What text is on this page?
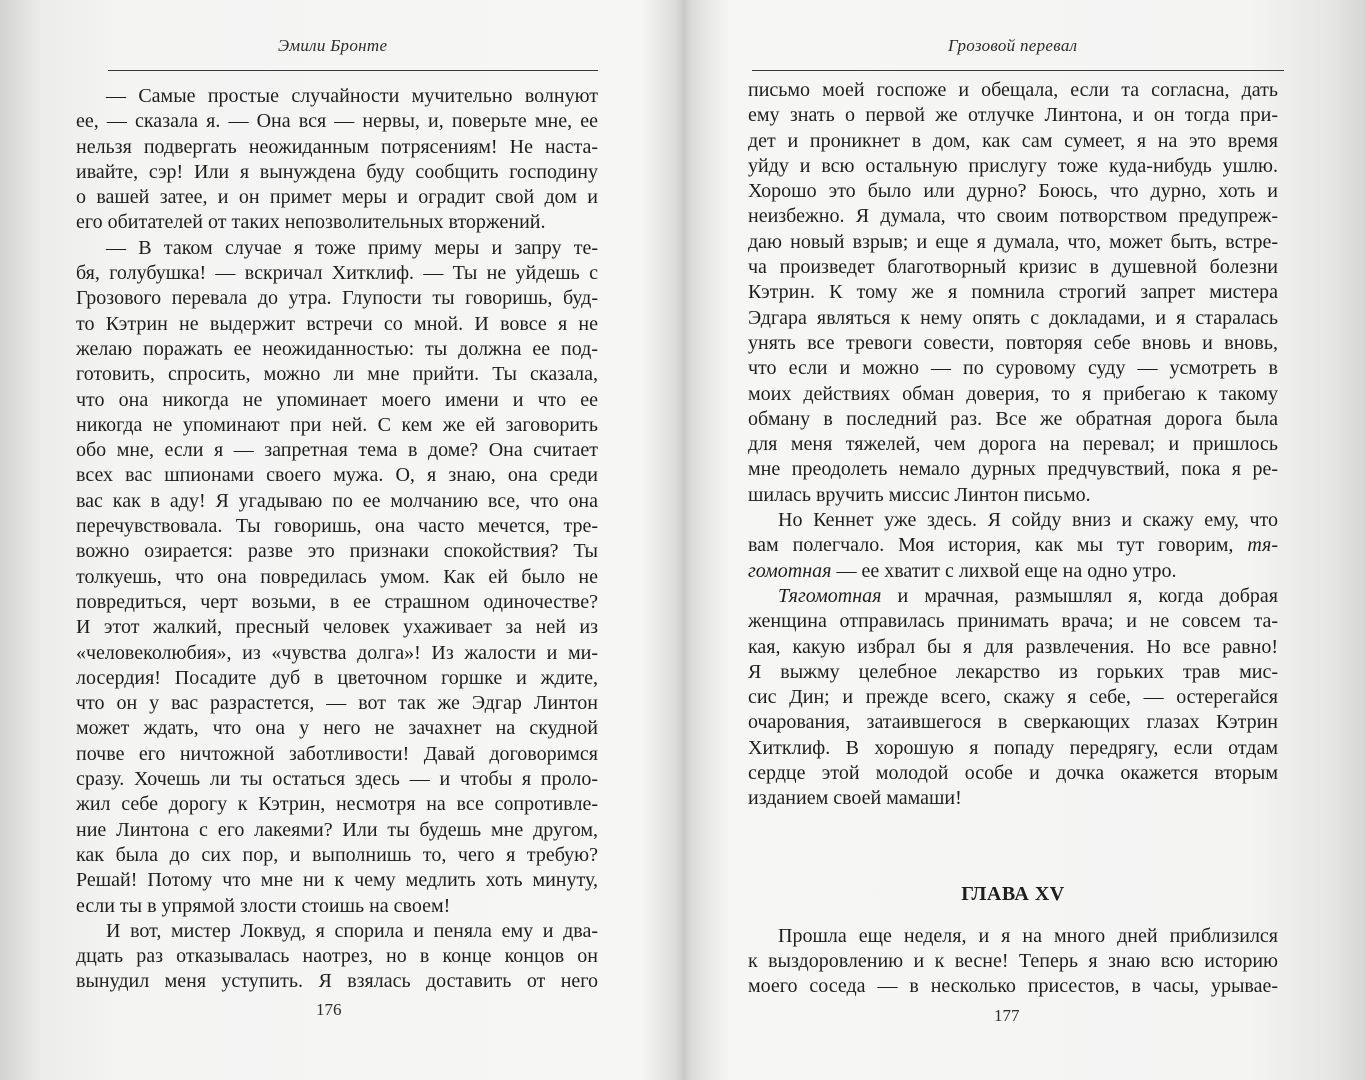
Эмили Бронте
— Самые простые случайности мучительно волнуют
ее, — сказала я. — Она вся — нервы, и, поверьте мне, ее
нельзя подвергать неожиданным потрясениям! Не наста-
ивайте, сэр! Или я вынуждена буду сообщить господину
о вашей затее, и он примет меры и оградит свой дом и
его обитателей от таких непозволительных вторжений.
— В таком случае я тоже приму меры и запру те-
бя, голубушка! — вскричал Хитклиф. — Ты не уйдешь с
Грозового перевала до утра. Глупости ты говоришь, буд-
то Кэтрин не выдержит встречи со мной. И вовсе я не
желаю поражать ее неожиданностью: ты должна ее под-
готовить, спросить, можно ли мне прийти. Ты сказала,
что она никогда не упоминает моего имени и что ее
никогда не упоминают при ней. С кем же ей заговорить
обо мне, если я — запретная тема в доме? Она считает
всех вас шпионами своего мужа. О, я знаю, она среди
вас как в аду! Я угадываю по ее молчанию все, что она
перечувствовала. Ты говоришь, она часто мечется, тре-
вожно озирается: разве это признаки спокойствия? Ты
толкуешь, что она повредилась умом. Как ей было не
повредиться, черт возьми, в ее страшном одиночестве?
И этот жалкий, пресный человек ухаживает за ней из
«человеколюбия», из «чувства долга»! Из жалости и ми-
лосердия! Посадите дуб в цветочном горшке и ждите,
что он у вас разрастется, — вот так же Эдгар Линтон
может ждать, что она у него не зачахнет на скудной
почве его ничтожной заботливости! Давай договоримся
сразу. Хочешь ли ты остаться здесь — и чтобы я проло-
жил себе дорогу к Кэтрин, несмотря на все сопротивле-
ние Линтона с его лакеями? Или ты будешь мне другом,
как была до сих пор, и выполнишь то, чего я требую?
Решай! Потому что мне ни к чему медлить хоть минуту,
если ты в упрямой злости стоишь на своем!
И вот, мистер Локвуд, я спорила и пеняла ему и два-
дцать раз отказывалась наотрез, но в конце концов он
вынудил меня уступить. Я взялась доставить от него
176
Грозовой перевал
письмо моей госпоже и обещала, если та согласна, дать
ему знать о первой же отлучке Линтона, и он тогда при-
дет и проникнет в дом, как сам сумеет, я на это время
уйду и всю остальную прислугу тоже куда-нибудь ушлю.
Хорошо это было или дурно? Боюсь, что дурно, хоть и
неизбежно. Я думала, что своим потворством предупреж-
даю новый взрыв; и еще я думала, что, может быть, встре-
ча произведет благотворный кризис в душевной болезни
Кэтрин. К тому же я помнила строгий запрет мистера
Эдгара являться к нему опять с докладами, и я старалась
унять все тревоги совести, повторяя себе вновь и вновь,
что если и можно — по суровому суду — усмотреть в
моих действиях обман доверия, то я прибегаю к такому
обману в последний раз. Все же обратная дорога была
для меня тяжелей, чем дорога на перевал; и пришлось
мне преодолеть немало дурных предчувствий, пока я ре-
шилась вручить миссис Линтон письмо.
Но Кеннет уже здесь. Я сойду вниз и скажу ему, что
вам полегчало. Моя история, как мы тут говорим, тя-
гомотная — ее хватит с лихвой еще на одно утро.
Тягомотная и мрачная, размышлял я, когда добрая
женщина отправилась принимать врача; и не совсем та-
кая, какую избрал бы я для развлечения. Но все равно!
Я выжму целебное лекарство из горьких трав мис-
сис Дин; и прежде всего, скажу я себе, — остерегайся
очарования, затаившегося в сверкающих глазах Кэтрин
Хитклиф. В хорошую я попаду передрягу, если отдам
сердце этой молодой особе и дочка окажется вторым
изданием своей мамаши!
ГЛАВА XV
Прошла еще неделя, и я на много дней приблизился
к выздоровлению и к весне! Теперь я знаю всю историю
моего соседа — в несколько присестов, в часы, урывае-
177
